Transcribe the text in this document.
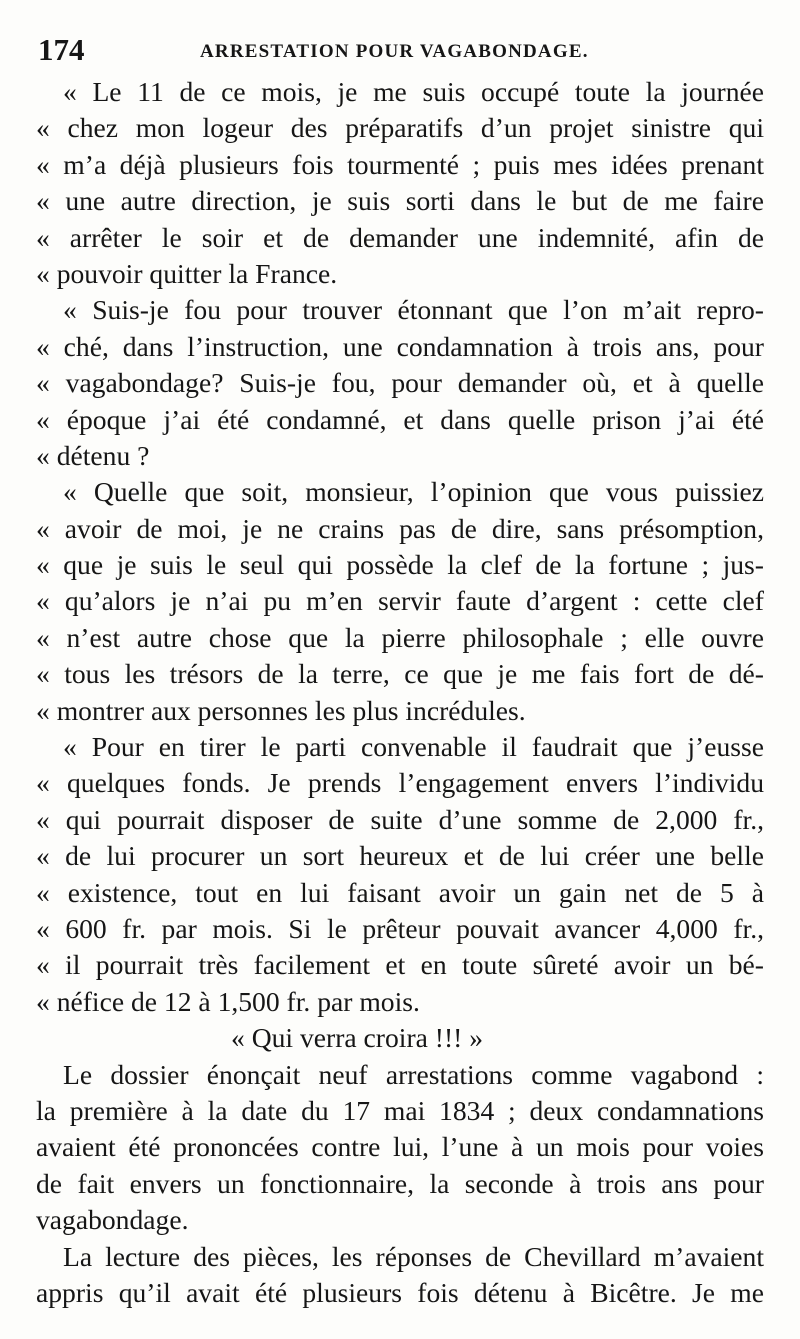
174	ARRESTATION POUR VAGABONDAGE.
« Le 11 de ce mois, je me suis occupé toute la journée
« chez mon logeur des préparatifs d’un projet sinistre qui
« m’a déjà plusieurs fois tourmenté ; puis mes idées prenant
« une autre direction, je suis sorti dans le but de me faire
« arrêter le soir et de demander une indemnité, afin de
« pouvoir quitter la France.
« Suis-je fou pour trouver étonnant que l’on m’ait repro-
« ché, dans l’instruction, une condamnation à trois ans, pour
« vagabondage? Suis-je fou, pour demander où, et à quelle
« époque j’ai été condamné, et dans quelle prison j’ai été
« détenu ?
« Quelle que soit, monsieur, l’opinion que vous puissiez
« avoir de moi, je ne crains pas de dire, sans présomption,
« que je suis le seul qui possède la clef de la fortune ; jus-
« qu’alors je n’ai pu m’en servir faute d’argent : cette clef
« n’est autre chose que la pierre philosophale ; elle ouvre
« tous les trésors de la terre, ce que je me fais fort de dé-
« montrer aux personnes les plus incrédules.
« Pour en tirer le parti convenable il faudrait que j’eusse
« quelques fonds. Je prends l’engagement envers l’individu
« qui pourrait disposer de suite d’une somme de 2,000 fr.,
« de lui procurer un sort heureux et de lui créer une belle
« existence, tout en lui faisant avoir un gain net de 5 à
« 600 fr. par mois. Si le prêteur pouvait avancer 4,000 fr.,
« il pourrait très facilement et en toute sûreté avoir un bé-
« néfice de 12 à 1,500 fr. par mois.
« Qui verra croira !!! »
Le dossier énonçait neuf arrestations comme vagabond :
la première à la date du 17 mai 1834 ; deux condamnations
avaient été prononcées contre lui, l’une à un mois pour voies
de fait envers un fonctionnaire, la seconde à trois ans pour
vagabondage.
La lecture des pièces, les réponses de Chevillard m’avaient
appris qu’il avait été plusieurs fois détenu à Bicêtre. Je me
